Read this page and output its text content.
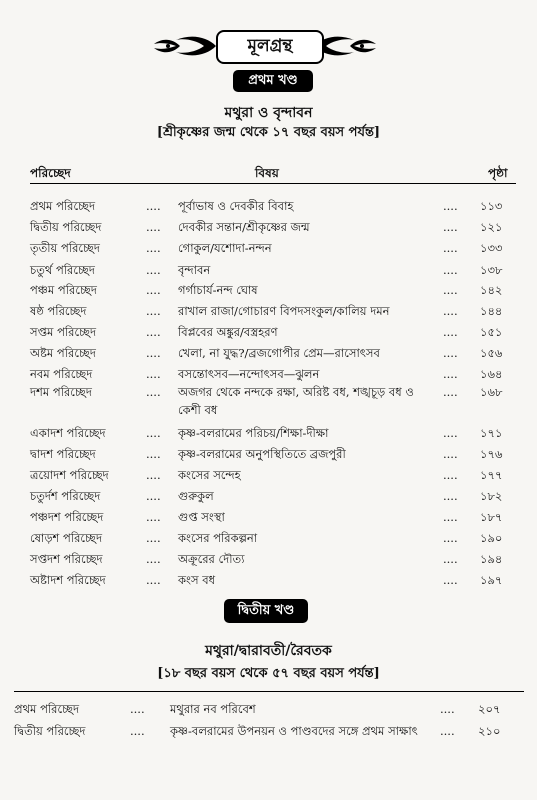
মূলগ্রন্থ
প্রথম খণ্ড
মথুরা ও বৃন্দাবন
[শ্রীকৃষ্ণের জন্ম থেকে ১৭ বছর বয়স পর্যন্ত]
পরিচ্ছেদ	বিষয়	পৃষ্ঠা
প্রথম পরিচ্ছেদ	.... পূর্বাভাষ ও দেবকীর বিবাহ	.... ১১৩
দ্বিতীয় পরিচ্ছেদ	.... দেবকীর সন্তান/শ্রীকৃষ্ণের জন্ম	.... ১২১
তৃতীয় পরিচ্ছেদ	.... গোকুল/যশোদা-নন্দন	.... ১৩৩
চতুর্থ পরিচ্ছেদ	.... বৃন্দাবন	.... ১৩৮
পঞ্চম পরিচ্ছেদ	.... গর্গাচার্য-নন্দ ঘোষ	.... ১৪২
ষষ্ঠ পরিচ্ছেদ	.... রাখাল রাজা/গোচারণ বিপদসংকুল/কালিয় দমন	.... ১৪৪
সপ্তম পরিচ্ছেদ	.... বিপ্লবের অঙ্কুর/বস্ত্রহরণ	.... ১৫১
অষ্টম পরিচ্ছেদ	.... খেলা, না যুদ্ধ?/ব্রজগোপীর প্রেম—রাসোৎসব	.... ১৫৬
নবম পরিচ্ছেদ	.... বসন্তোৎসব—নন্দোৎসব—ঝুলন	.... ১৬৪
দশম পরিচ্ছেদ	.... অজগর থেকে নন্দকে রক্ষা, অরিষ্ট বধ, শঙ্খচূড় বধ ও কেশী বধ
.... ১৬৮
একাদশ পরিচ্ছেদ	.... কৃষ্ণ-বলরামের পরিচয়/শিক্ষা-দীক্ষা	.... ১৭১
দ্বাদশ পরিচ্ছেদ	.... কৃষ্ণ-বলরামের অনুপস্থিতিতে ব্রজপুরী	.... ১৭৬
ত্রয়োদশ পরিচ্ছেদ	.... কংসের সন্দেহ	.... ১৭৭
চতুর্দশ পরিচ্ছেদ	.... গুরুকুল	.... ১৮২
পঞ্চদশ পরিচ্ছেদ	.... গুপ্ত সংস্থা	.... ১৮৭
ষোড়শ পরিচ্ছেদ	.... কংসের পরিকল্পনা	.... ১৯০
সপ্তদশ পরিচ্ছেদ	.... অক্রূরের দৌত্য	.... ১৯৪
অষ্টাদশ পরিচ্ছেদ	.... কংস বধ	.... ১৯৭
দ্বিতীয় খণ্ড
মথুরা/দ্বারাবতী/রৈবতক
[১৮ বছর বয়স থেকে ৫৭ বছর বয়স পর্যন্ত]
প্রথম পরিচ্ছেদ	.... মথুরার নব পরিবেশ	.... ২০৭
দ্বিতীয় পরিচ্ছেদ	.... কৃষ্ণ-বলরামের উপনয়ন ও পাণ্ডবদের সঙ্গে প্রথম সাক্ষাৎ	.... ২১০
